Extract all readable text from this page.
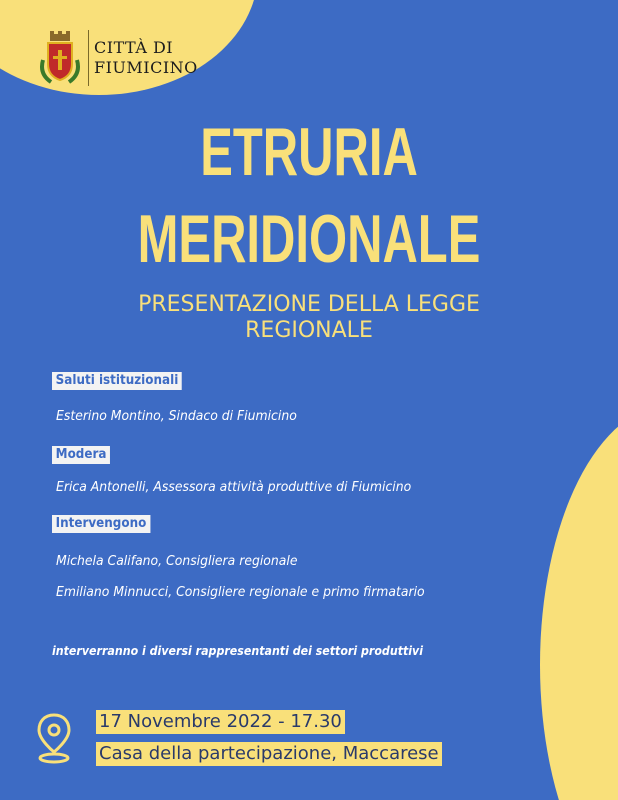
CITTÀ DI
FIUMICINO
ETRURIA
MERIDIONALE
PRESENTAZIONE DELLA LEGGE
REGIONALE
Saluti istituzionali
Esterino Montino, Sindaco di Fiumicino
Modera
Erica Antonelli, Assessora attività produttive di Fiumicino
Intervengono
Michela Califano, Consigliera regionale
Emiliano Minnucci, Consigliere regionale e primo firmatario
interverranno i diversi rappresentanti dei settori produttivi
17 Novembre 2022 - 17.30
Casa della partecipazione, Maccarese
